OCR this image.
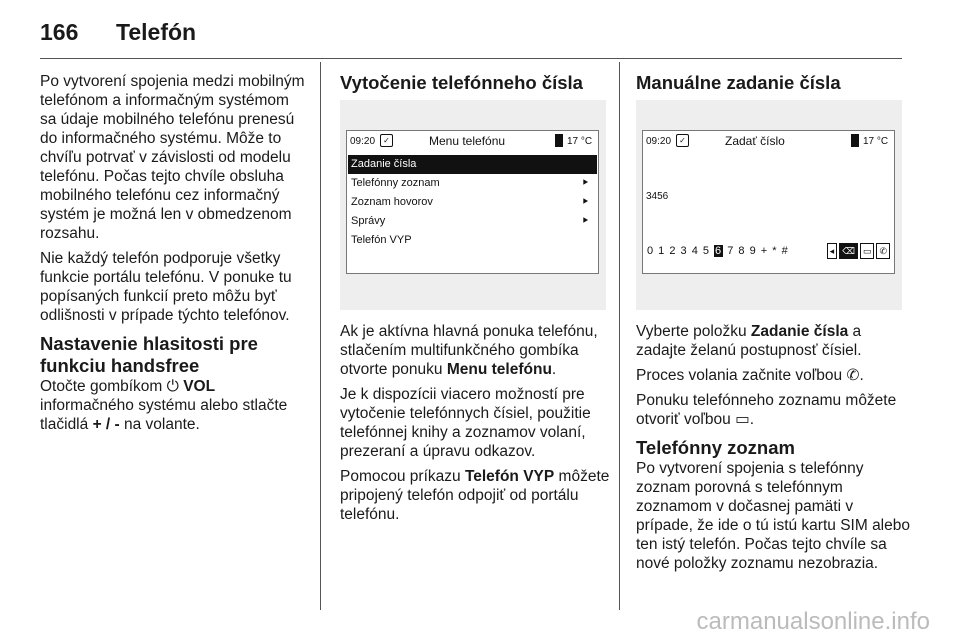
166 Telefón

Po vytvorení spojenia medzi mobilným telefónom a informačným systémom sa údaje mobilného telefónu prenesú do informačného systému. Môže to chvíľu potrvať v závislosti od modelu telefónu. Počas tejto chvíle obsluha mobilného telefónu cez informačný systém je možná len v obmedzenom rozsahu.

Nie každý telefón podporuje všetky funkcie portálu telefónu. V ponuke tu popísaných funkcií preto môžu byť odlišnosti v prípade týchto telefónov.

Nastavenie hlasitosti pre funkciu handsfree

Otočte gombíkom ⏻ VOL informačného systému alebo stlačte tlačidlá + / - na volante.

Vytočenie telefónneho čísla
09:20	✓	Menu telefónu	17 °C
Zadanie čísla
Telefónny zoznam	⯈
Zoznam hovorov	⯈
Správy	⯈
Telefón VYP

Ak je aktívna hlavná ponuka telefónu, stlačením multifunkčného gombíka otvorte ponuku Menu telefónu.

Je k dispozícii viacero možností pre vytočenie telefónnych čísiel, použitie telefónnej knihy a zoznamov volaní, prezeraní a úpravu odkazov.

Pomocou príkazu Telefón VYP môžete pripojený telefón odpojiť od portálu telefónu.

Manuálne zadanie čísla
09:20	✓	Zadať číslo	17 °C
3456
0 1 2 3 4 5 6 7 8 9 + * #	◂ ⌫ ▭ ✆

Vyberte položku Zadanie čísla a zadajte želanú postupnosť čísiel.

Proces volania začnite voľbou ✆.

Ponuku telefónneho zoznamu môžete otvoriť voľbou ▭.

Telefónny zoznam

Po vytvorení spojenia s telefónny zoznam porovná s telefónnym zoznamom v dočasnej pamäti v prípade, že ide o tú istú kartu SIM alebo ten istý telefón. Počas tejto chvíle sa nové položky zoznamu nezobrazia.

carmanualsonline.info
